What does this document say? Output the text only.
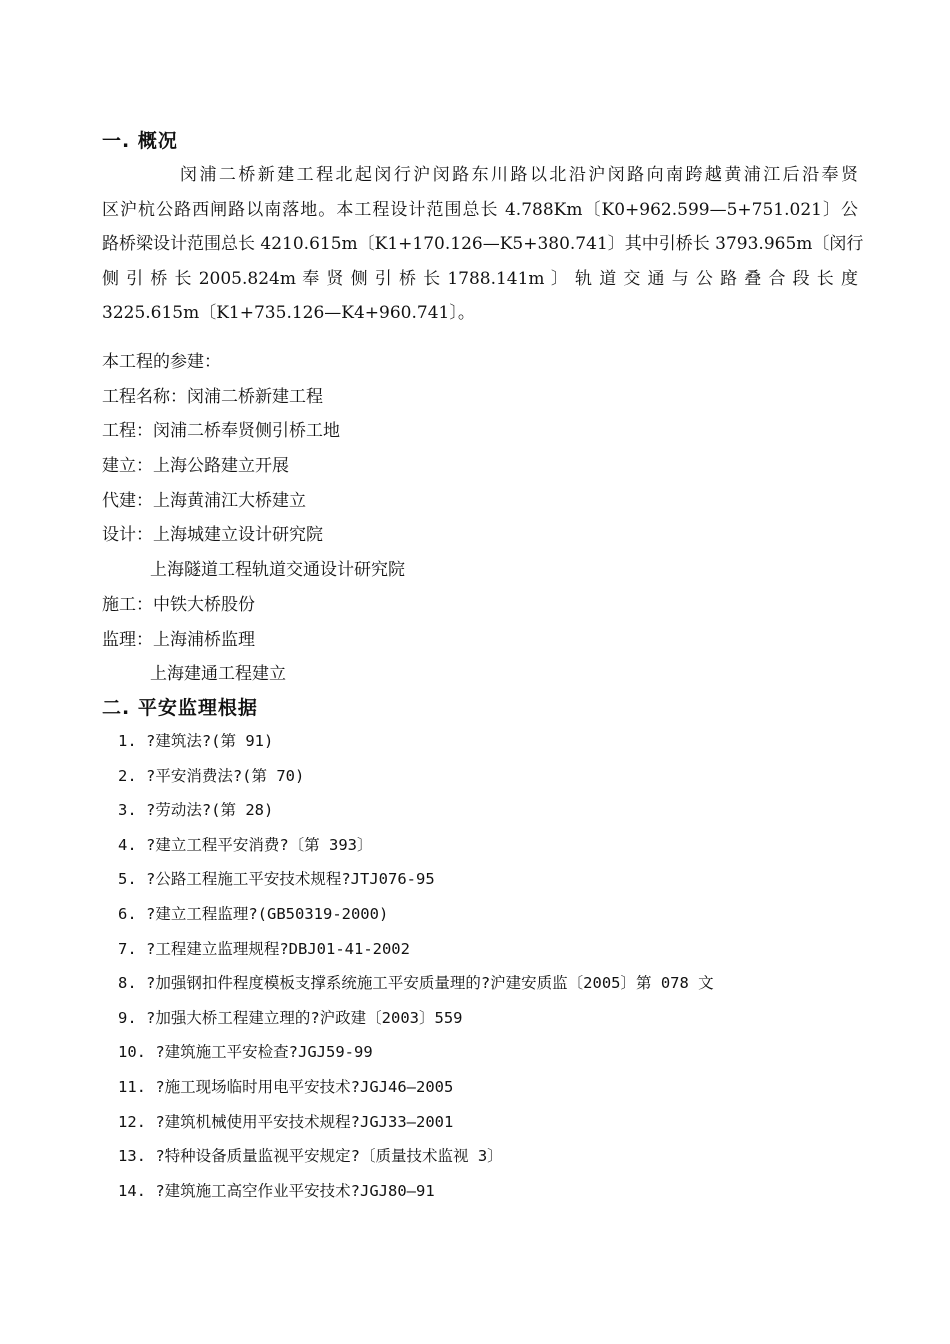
一. 概况
闵浦二桥新建工程北起闵行沪闵路东川路以北沿沪闵路向南跨越黄浦江后沿奉贤
区沪杭公路西闸路以南落地。本工程设计范围总长 4.788Km〔K0+962.599—5+751.021〕公
路桥梁设计范围总长 4210.615m〔K1+170.126—K5+380.741〕其中引桥长 3793.965m〔闵行
侧 引 桥 长 2005.824m 奉 贤 侧 引 桥 长 1788.141m 〕 轨 道 交 通 与 公 路 叠 合 段 长 度
3225.615m〔K1+735.126—K4+960.741〕。
本工程的参建：
工程名称：闵浦二桥新建工程
工程：闵浦二桥奉贤侧引桥工地
建立：上海公路建立开展
代建：上海黄浦江大桥建立
设计：上海城建立设计研究院
上海隧道工程轨道交通设计研究院
施工：中铁大桥股份
监理：上海浦桥监理
上海建通工程建立
二. 平安监理根据
1. ?建筑法?(第 91)
2. ?平安消费法?(第 70)
3. ?劳动法?(第 28)
4. ?建立工程平安消费?〔第 393〕
5. ?公路工程施工平安技术规程?JTJ076-95
6. ?建立工程监理?(GB50319-2000)
7. ?工程建立监理规程?DBJ01-41-2002
8. ?加强钢扣件程度模板支撑系统施工平安质量理的?沪建安质监〔2005〕第 078 文
9. ?加强大桥工程建立理的?沪政建〔2003〕559
10. ?建筑施工平安检查?JGJ59-99
11. ?施工现场临时用电平安技术?JGJ46—2005
12. ?建筑机械使用平安技术规程?JGJ33—2001
13. ?特种设备质量监视平安规定?〔质量技术监视 3〕
14. ?建筑施工高空作业平安技术?JGJ80—91
